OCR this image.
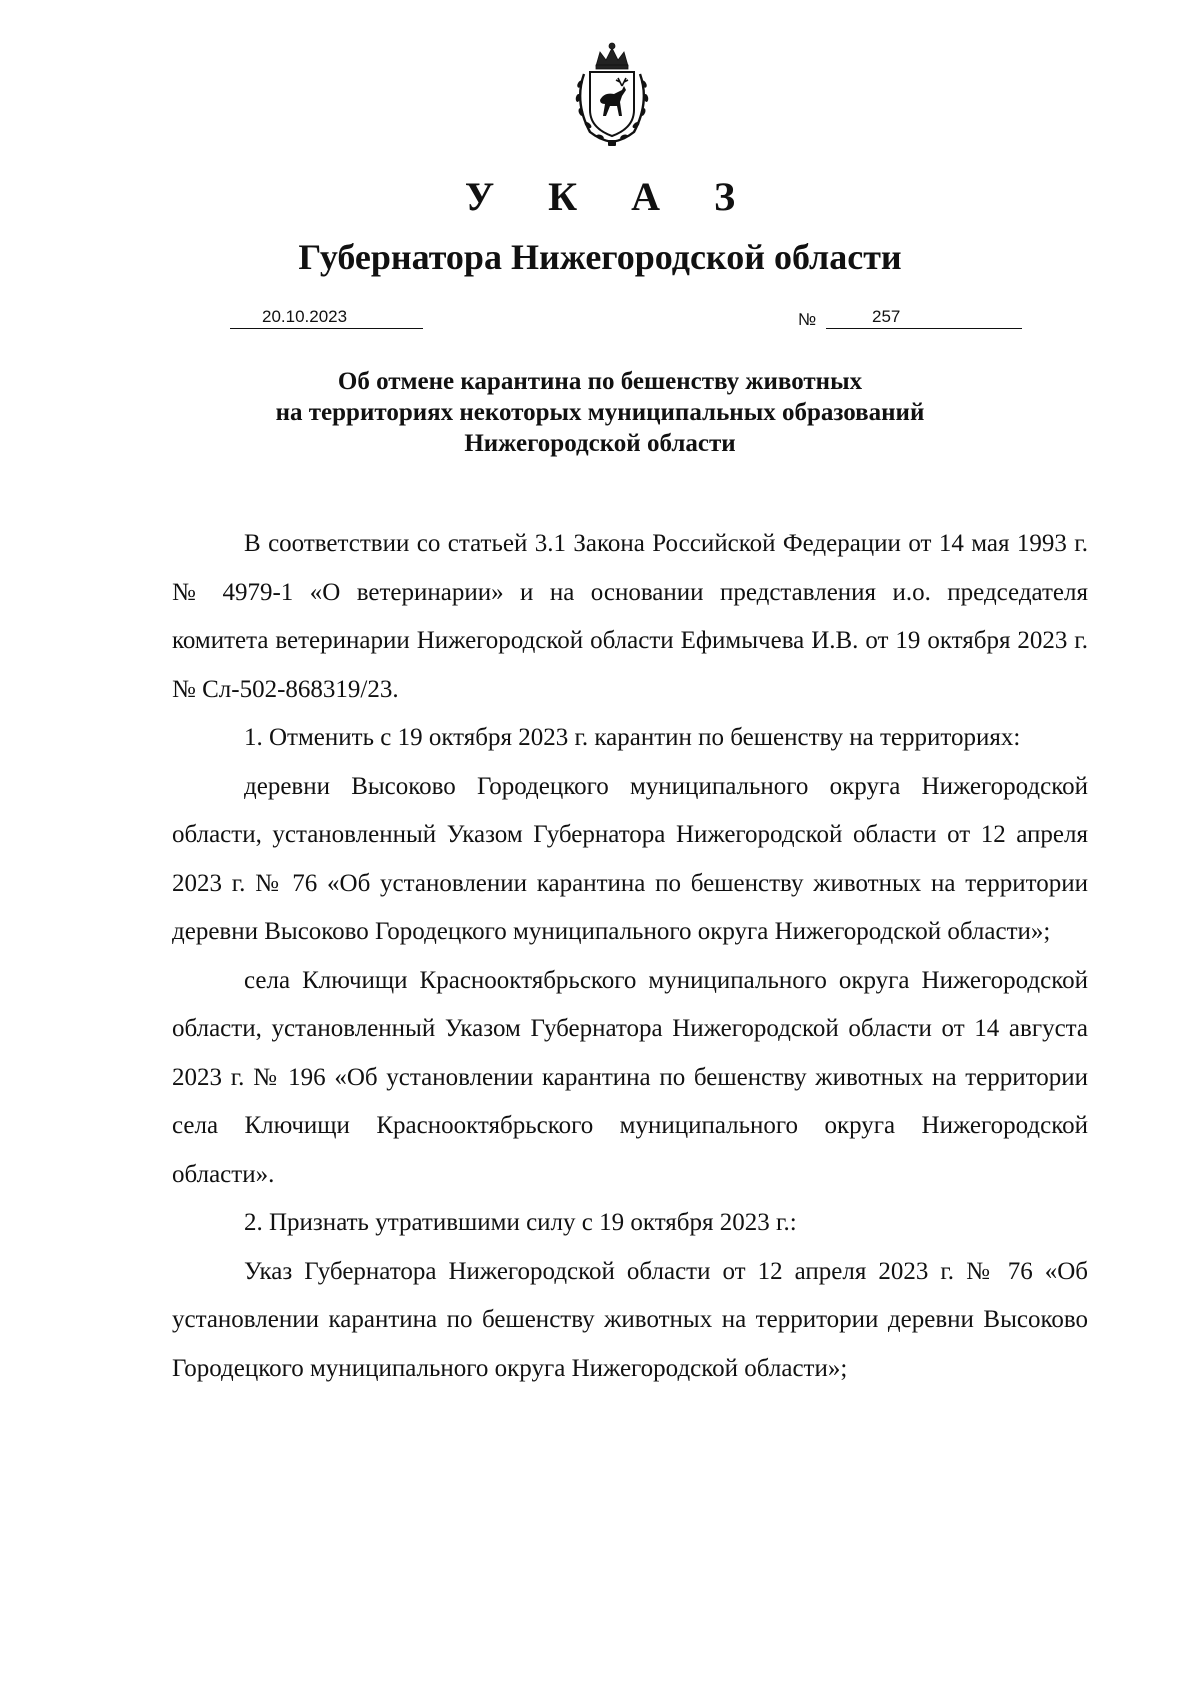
У К А З
Губернатора Нижегородской области
20.10.2023	№	257
Об отмене карантина по бешенству животных
на территориях некоторых муниципальных образований
Нижегородской области

В соответствии со статьей 3.1 Закона Российской Федерации от 14 мая 1993 г. № 4979-1 «О ветеринарии» и на основании представления и.о. председателя комитета ветеринарии Нижегородской области Ефимычева И.В. от 19 октября 2023 г. № Сл-502-868319/23.

1. Отменить с 19 октября 2023 г. карантин по бешенству на территориях:

деревни Высоково Городецкого муниципального округа Нижегородской области, установленный Указом Губернатора Нижегородской области от 12 апреля 2023 г. № 76 «Об установлении карантина по бешенству животных на территории деревни Высоково Городецкого муниципального округа Нижегородской области»;

села Ключищи Краснооктябрьского муниципального округа Нижегородской области, установленный Указом Губернатора Нижегородской области от 14 августа 2023 г. № 196 «Об установлении карантина по бешенству животных на территории села Ключищи Краснооктябрьского муниципального округа Нижегородской области».

2. Признать утратившими силу с 19 октября 2023 г.:

Указ Губернатора Нижегородской области от 12 апреля 2023 г. № 76 «Об установлении карантина по бешенству животных на территории деревни Высоково Городецкого муниципального округа Нижегородской области»;
